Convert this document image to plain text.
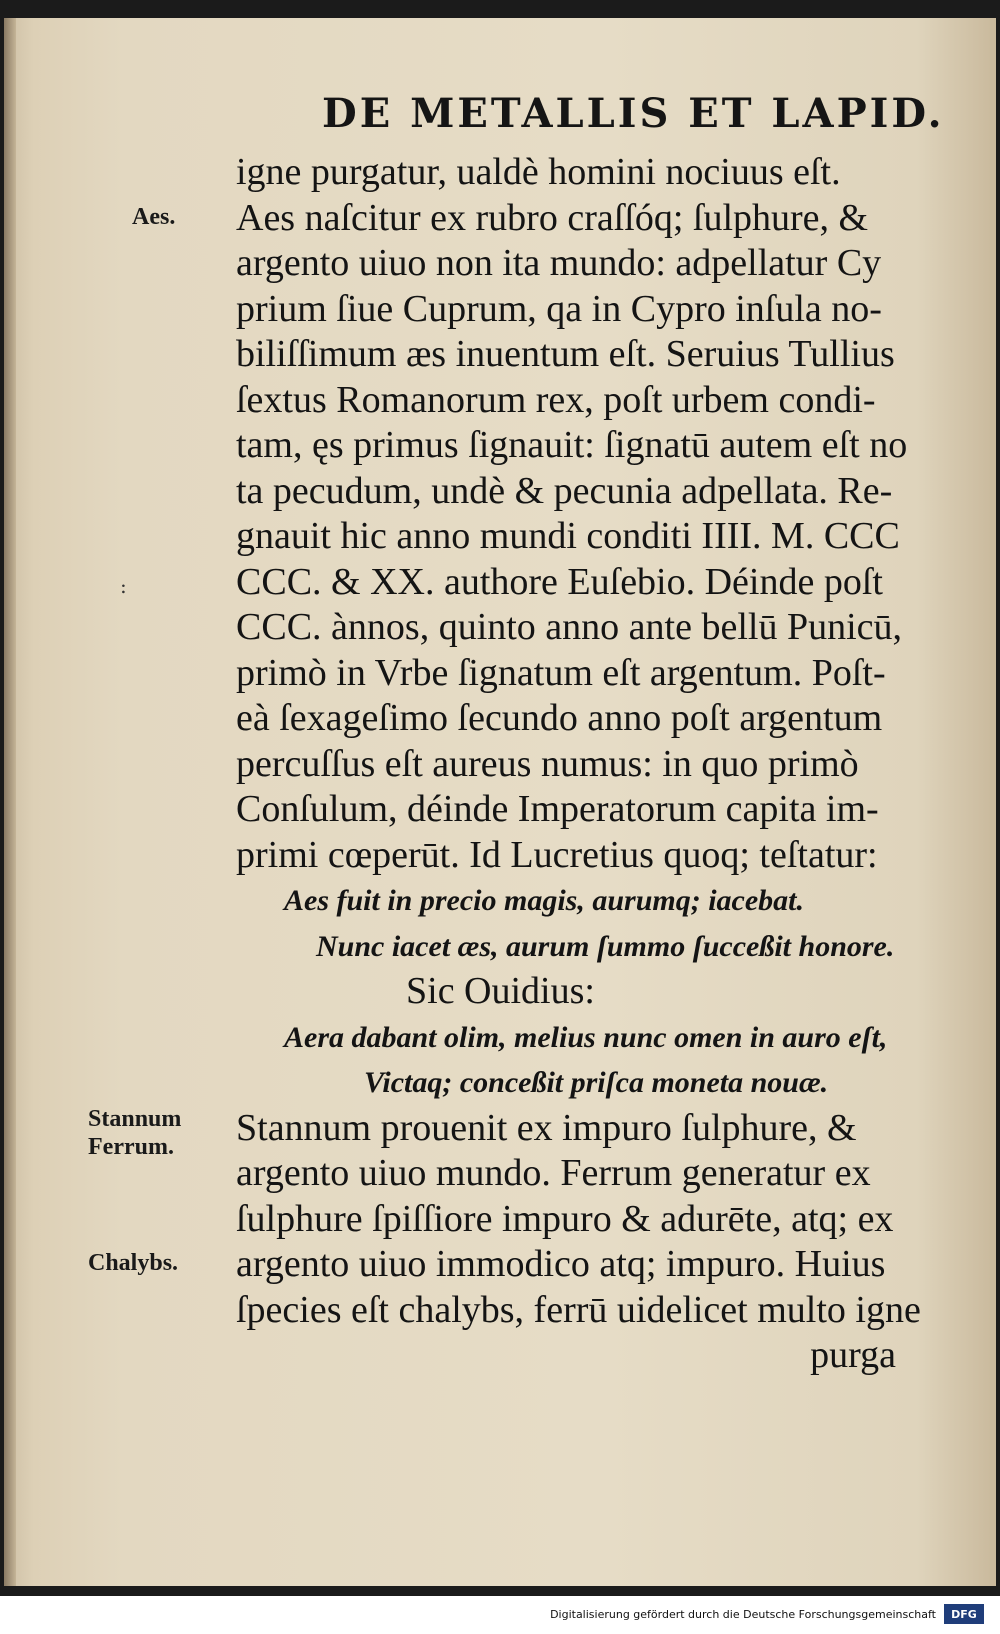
DE METALLIS ET LAPID.
Aes.
:
Stannum
Ferrum.
Chalybs.
igne purgatur, ualdè homini nociuus eſt.
Aes naſcitur ex rubro craſſóq; ſulphure, &
argento uiuo non ita mundo: adpellatur Cy
prium ſiue Cuprum, qa in Cypro inſula no-
biliſſimum æs inuentum eſt. Seruius Tullius
ſextus Romanorum rex, poſt urbem condi-
tam, ęs primus ſignauit: ſignatū autem eſt no
ta pecudum, undè & pecunia adpellata. Re-
gnauit hic anno mundi conditi IIII. M. CCC
CCC. & XX. authore Euſebio. Déinde poſt
CCC. ànnos, quinto anno ante bellū Punicū,
primò in Vrbe ſignatum eſt argentum. Poſt-
eà ſexageſimo ſecundo anno poſt argentum
percuſſus eſt aureus numus: in quo primò
Conſulum, déinde Imperatorum capita im-
primi cœperūt. Id Lucretius quoq; teſtatur:
Aes fuit in precio magis, aurumq; iacebat.
Nunc iacet æs, aurum ſummo ſucceßit honore.
Sic Ouidius:
Aera dabant olim, melius nunc omen in auro eſt,
Victaq; conceßit priſca moneta nouæ.
Stannum prouenit ex impuro ſulphure, &
argento uiuo mundo. Ferrum generatur ex
ſulphure ſpiſſiore impuro & adurēte, atq; ex
argento uiuo immodico atq; impuro. Huius
ſpecies eſt chalybs, ferrū uidelicet multo igne
purga
Digitalisierung gefördert durch die Deutsche Forschungsgemeinschaft	DFG
